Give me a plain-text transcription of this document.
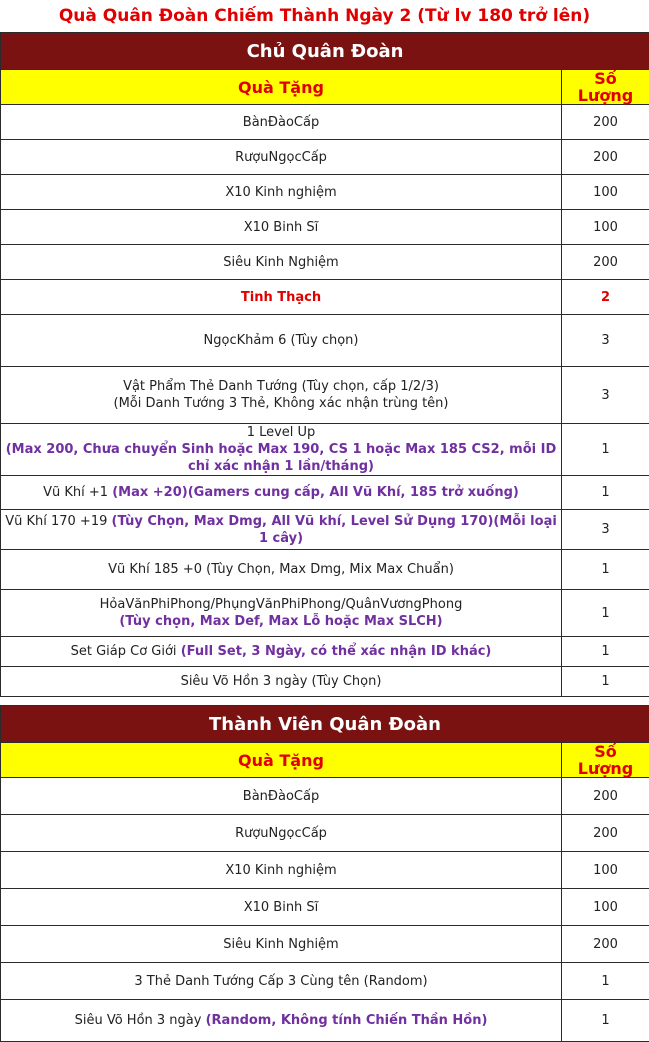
Quà Quân Đoàn Chiếm Thành Ngày 2 (Từ lv 180 trở lên)
Chủ Quân Đoàn	
Quà Tặng	Số Lượng
BànĐàoCấp	200
RượuNgọcCấp	200
X10 Kinh nghiệm	100
X10 Binh Sĩ	100
Siêu Kinh Nghiệm	200
Tinh Thạch	2
NgọcKhảm 6 (Tùy chọn)	3

Vật Phẩm Thẻ Danh Tướng (Tùy chọn, cấp 1/2/3)
(Mỗi Danh Tướng 3 Thẻ, Không xác nhận trùng tên)	3

1 Level Up
(Max 200, Chưa chuyển Sinh hoặc Max 190, CS 1 hoặc Max 185 CS2, mỗi ID chỉ xác nhận 1 lần/tháng)	1
Vũ Khí +1 (Max +20)(Gamers cung cấp, All Vũ Khí, 185 trở xuống)	1
Vũ Khí 170 +19 (Tùy Chọn, Max Dmg, All Vũ khí, Level Sử Dụng 170)(Mỗi loại 1 cây)	3
Vũ Khí 185 +0 (Tùy Chọn, Max Dmg, Mix Max Chuẩn)	1

HỏaVănPhiPhong/PhụngVănPhiPhong/QuânVươngPhong
(Tùy chọn, Max Def, Max Lỗ hoặc Max SLCH)	1
Set Giáp Cơ Giới (Full Set, 3 Ngày, có thể xác nhận ID khác)	1
Siêu Võ Hồn 3 ngày (Tùy Chọn)	1
Thành Viên Quân Đoàn	
Quà Tặng	Số Lượng
BànĐàoCấp	200
RượuNgọcCấp	200
X10 Kinh nghiệm	100
X10 Binh Sĩ	100
Siêu Kinh Nghiệm	200
3 Thẻ Danh Tướng Cấp 3 Cùng tên (Random)	1
Siêu Võ Hồn 3 ngày (Random, Không tính Chiến Thần Hồn)	1
